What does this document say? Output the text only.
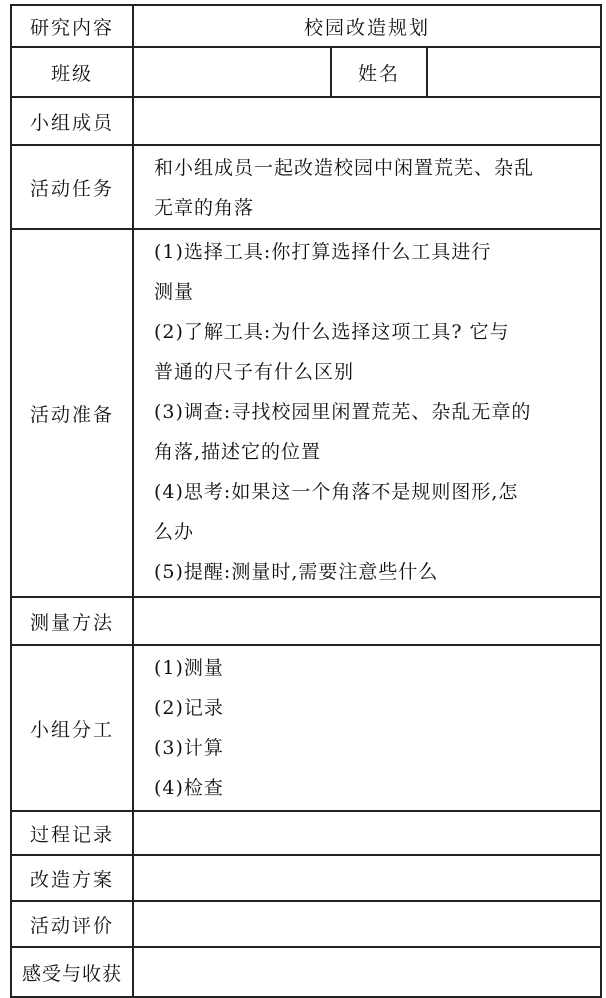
研究内容	校园改造规划
班级	姓名
小组成员
活动任务
和小组成员一起改造校园中闲置荒芜、杂乱
无章的角落
活动准备
(1)选择工具:你打算选择什么工具进行
测量
(2)了解工具:为什么选择这项工具? 它与
普通的尺子有什么区别
(3)调查:寻找校园里闲置荒芜、杂乱无章的
角落,描述它的位置
(4)思考:如果这一个角落不是规则图形,怎
么办
(5)提醒:测量时,需要注意些什么
测量方法
小组分工
(1)测量
(2)记录
(3)计算
(4)检查
过程记录
改造方案
活动评价
感受与收获
